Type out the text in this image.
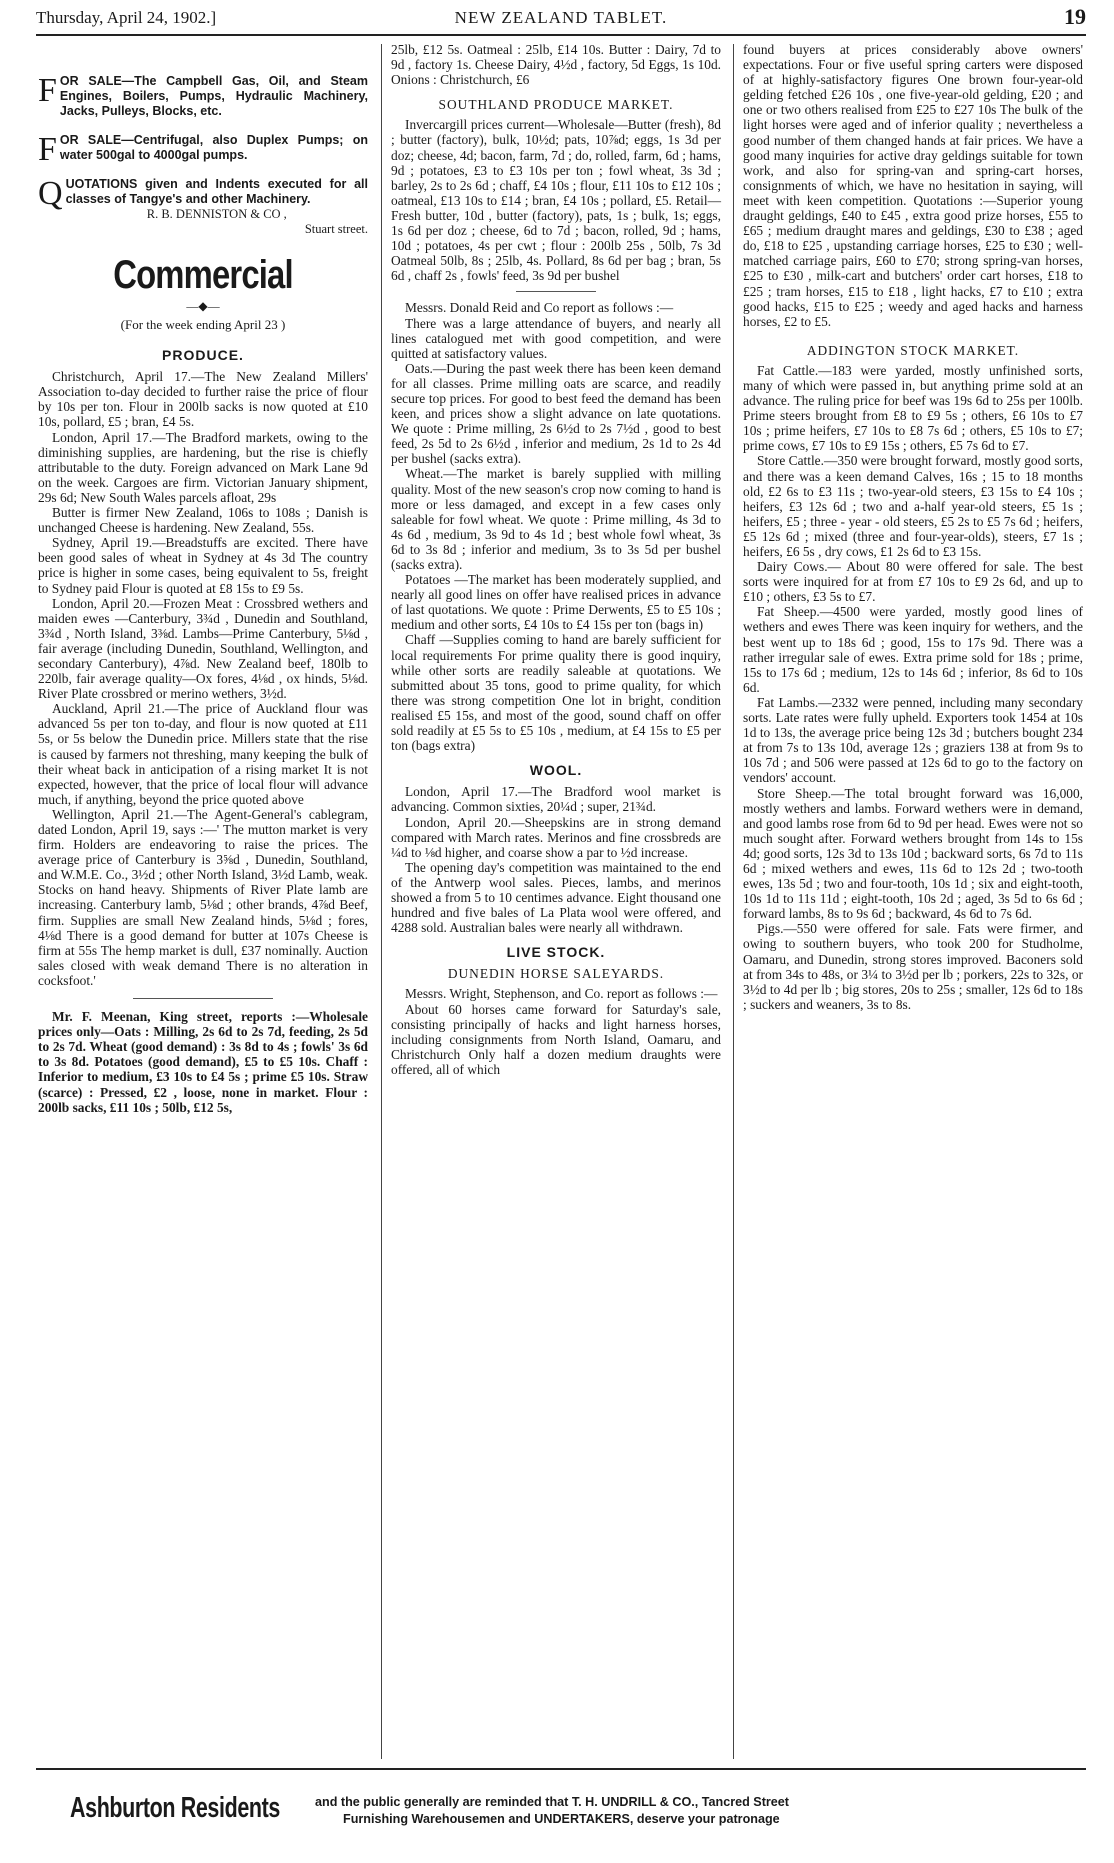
Thursday, April 24, 1902.]	NEW ZEALAND TABLET.	19
F OR SALE—The Campbell Gas, Oil, and Steam Engines, Boilers, Pumps, Hydraulic Machinery, Jacks, Pulleys, Blocks, etc.
F OR SALE—Centrifugal, also Duplex Pumps; on water 500gal to 4000gal pumps.
Q UOTATIONS given and Indents executed for all classes of Tangye's and other Machinery.
R. B. DENNISTON & CO ,
Stuart street.
Commercial
—◆—
(For the week ending April 23 )
PRODUCE.

Christchurch, April 17.—The New Zealand Millers' Association to-day decided to further raise the price of flour by 10s per ton. Flour in 200lb sacks is now quoted at £10 10s, pollard, £5 ; bran, £4 5s.

London, April 17.—The Bradford markets, owing to the diminishing supplies, are hardening, but the rise is chiefly attributable to the duty. Foreign advanced on Mark Lane 9d on the week. Cargoes are firm. Victorian January shipment, 29s 6d; New South Wales parcels afloat, 29s

Butter is firmer New Zealand, 106s to 108s ; Danish is unchanged Cheese is hardening. New Zealand, 55s.

Sydney, April 19.—Breadstuffs are excited. There have been good sales of wheat in Sydney at 4s 3d The country price is higher in some cases, being equivalent to 5s, freight to Sydney paid Flour is quoted at £8 15s to £9 5s.

London, April 20.—Frozen Meat : Crossbred wethers and maiden ewes —Canterbury, 3¾d , Dunedin and Southland, 3¾d , North Island, 3⅜d. Lambs—Prime Canterbury, 5⅛d , fair average (including Dunedin, Southland, Wellington, and secondary Canterbury), 4⅞d. New Zealand beef, 180lb to 220lb, fair average quality—Ox fores, 4⅛d , ox hinds, 5⅛d. River Plate crossbred or merino wethers, 3½d.

Auckland, April 21.—The price of Auckland flour was advanced 5s per ton to-day, and flour is now quoted at £11 5s, or 5s below the Dunedin price. Millers state that the rise is caused by farmers not threshing, many keeping the bulk of their wheat back in anticipation of a rising market It is not expected, however, that the price of local flour will advance much, if anything, beyond the price quoted above

Wellington, April 21.—The Agent-General's cablegram, dated London, April 19, says :—' The mutton market is very firm. Holders are endeavoring to raise the prices. The average price of Canterbury is 3⅝d , Dunedin, Southland, and W.M.E. Co., 3½d ; other North Island, 3½d Lamb, weak. Stocks on hand heavy. Shipments of River Plate lamb are increasing. Canterbury lamb, 5⅛d ; other brands, 4⅞d Beef, firm. Supplies are small New Zealand hinds, 5⅛d ; fores, 4⅛d There is a good demand for butter at 107s Cheese is firm at 55s The hemp market is dull, £37 nominally. Auction sales closed with weak demand There is no alteration in cocksfoot.'

Mr. F. Meenan, King street, reports :—Wholesale prices only—Oats : Milling, 2s 6d to 2s 7d, feeding, 2s 5d to 2s 7d. Wheat (good demand) : 3s 8d to 4s ; fowls' 3s 6d to 3s 8d. Potatoes (good demand), £5 to £5 10s. Chaff : Inferior to medium, £3 10s to £4 5s ; prime £5 10s. Straw (scarce) : Pressed, £2 , loose, none in market. Flour : 200lb sacks, £11 10s ; 50lb, £12 5s,

25lb, £12 5s. Oatmeal : 25lb, £14 10s. Butter : Dairy, 7d to 9d , factory 1s. Cheese Dairy, 4½d , factory, 5d Eggs, 1s 10d. Onions : Christchurch, £6

SOUTHLAND PRODUCE MARKET.

Invercargill prices current—Wholesale—Butter (fresh), 8d ; butter (factory), bulk, 10½d; pats, 10⅞d; eggs, 1s 3d per doz; cheese, 4d; bacon, farm, 7d ; do, rolled, farm, 6d ; hams, 9d ; potatoes, £3 to £3 10s per ton ; fowl wheat, 3s 3d ; barley, 2s to 2s 6d ; chaff, £4 10s ; flour, £11 10s to £12 10s ; oatmeal, £13 10s to £14 ; bran, £4 10s ; pollard, £5. Retail—Fresh butter, 10d , butter (factory), pats, 1s ; bulk, 1s; eggs, 1s 6d per doz ; cheese, 6d to 7d ; bacon, rolled, 9d ; hams, 10d ; potatoes, 4s per cwt ; flour : 200lb 25s , 50lb, 7s 3d Oatmeal 50lb, 8s ; 25lb, 4s. Pollard, 8s 6d per bag ; bran, 5s 6d , chaff 2s , fowls' feed, 3s 9d per bushel

Messrs. Donald Reid and Co report as follows :—

There was a large attendance of buyers, and nearly all lines catalogued met with good competition, and were quitted at satisfactory values.

Oats.—During the past week there has been keen demand for all classes. Prime milling oats are scarce, and readily secure top prices. For good to best feed the demand has been keen, and prices show a slight advance on late quotations. We quote : Prime milling, 2s 6½d to 2s 7½d , good to best feed, 2s 5d to 2s 6½d , inferior and medium, 2s 1d to 2s 4d per bushel (sacks extra).

Wheat.—The market is barely supplied with milling quality. Most of the new season's crop now coming to hand is more or less damaged, and except in a few cases only saleable for fowl wheat. We quote : Prime milling, 4s 3d to 4s 6d , medium, 3s 9d to 4s 1d ; best whole fowl wheat, 3s 6d to 3s 8d ; inferior and medium, 3s to 3s 5d per bushel (sacks extra).

Potatoes —The market has been moderately supplied, and nearly all good lines on offer have realised prices in advance of last quotations. We quote : Prime Derwents, £5 to £5 10s ; medium and other sorts, £4 10s to £4 15s per ton (bags in)

Chaff —Supplies coming to hand are barely sufficient for local requirements For prime quality there is good inquiry, while other sorts are readily saleable at quotations. We submitted about 35 tons, good to prime quality, for which there was strong competition One lot in bright, condition realised £5 15s, and most of the good, sound chaff on offer sold readily at £5 5s to £5 10s , medium, at £4 15s to £5 per ton (bags extra)

WOOL.

London, April 17.—The Bradford wool market is advancing. Common sixties, 20¼d ; super, 21¾d.

London, April 20.—Sheepskins are in strong demand compared with March rates. Merinos and fine crossbreds are ¼d to ⅛d higher, and coarse show a par to ½d increase.

The opening day's competition was maintained to the end of the Antwerp wool sales. Pieces, lambs, and merinos showed a from 5 to 10 centimes advance. Eight thousand one hundred and five bales of La Plata wool were offered, and 4288 sold. Australian bales were nearly all withdrawn.

LIVE STOCK.
DUNEDIN HORSE SALEYARDS.

Messrs. Wright, Stephenson, and Co. report as follows :—

About 60 horses came forward for Saturday's sale, consisting principally of hacks and light harness horses, including consignments from North Island, Oamaru, and Christchurch Only half a dozen medium draughts were offered, all of which

found buyers at prices considerably above owners' expectations. Four or five useful spring carters were disposed of at highly-satisfactory figures One brown four-year-old gelding fetched £26 10s , one five-year-old gelding, £20 ; and one or two others realised from £25 to £27 10s The bulk of the light horses were aged and of inferior quality ; nevertheless a good number of them changed hands at fair prices. We have a good many inquiries for active dray geldings suitable for town work, and also for spring-van and spring-cart horses, consignments of which, we have no hesitation in saying, will meet with keen competition. Quotations :—Superior young draught geldings, £40 to £45 , extra good prize horses, £55 to £65 ; medium draught mares and geldings, £30 to £38 ; aged do, £18 to £25 , upstanding carriage horses, £25 to £30 ; well-matched carriage pairs, £60 to £70; strong spring-van horses, £25 to £30 , milk-cart and butchers' order cart horses, £18 to £25 ; tram horses, £15 to £18 , light hacks, £7 to £10 ; extra good hacks, £15 to £25 ; weedy and aged hacks and harness horses, £2 to £5.

ADDINGTON STOCK MARKET.

Fat Cattle.—183 were yarded, mostly unfinished sorts, many of which were passed in, but anything prime sold at an advance. The ruling price for beef was 19s 6d to 25s per 100lb. Prime steers brought from £8 to £9 5s ; others, £6 10s to £7 10s ; prime heifers, £7 10s to £8 7s 6d ; others, £5 10s to £7; prime cows, £7 10s to £9 15s ; others, £5 7s 6d to £7.

Store Cattle.—350 were brought forward, mostly good sorts, and there was a keen demand Calves, 16s ; 15 to 18 months old, £2 6s to £3 11s ; two-year-old steers, £3 15s to £4 10s ; heifers, £3 12s 6d ; two and a-half year-old steers, £5 1s ; heifers, £5 ; three - year - old steers, £5 2s to £5 7s 6d ; heifers, £5 12s 6d ; mixed (three and four-year-olds), steers, £7 1s ; heifers, £6 5s , dry cows, £1 2s 6d to £3 15s.

Dairy Cows.— About 80 were offered for sale. The best sorts were inquired for at from £7 10s to £9 2s 6d, and up to £10 ; others, £3 5s to £7.

Fat Sheep.—4500 were yarded, mostly good lines of wethers and ewes There was keen inquiry for wethers, and the best went up to 18s 6d ; good, 15s to 17s 9d. There was a rather irregular sale of ewes. Extra prime sold for 18s ; prime, 15s to 17s 6d ; medium, 12s to 14s 6d ; inferior, 8s 6d to 10s 6d.

Fat Lambs.—2332 were penned, including many secondary sorts. Late rates were fully upheld. Exporters took 1454 at 10s 1d to 13s, the average price being 12s 3d ; butchers bought 234 at from 7s to 13s 10d, average 12s ; graziers 138 at from 9s to 10s 7d ; and 506 were passed at 12s 6d to go to the factory on vendors' account.

Store Sheep.—The total brought forward was 16,000, mostly wethers and lambs. Forward wethers were in demand, and good lambs rose from 6d to 9d per head. Ewes were not so much sought after. Forward wethers brought from 14s to 15s 4d; good sorts, 12s 3d to 13s 10d ; backward sorts, 6s 7d to 11s 6d ; mixed wethers and ewes, 11s 6d to 12s 2d ; two-tooth ewes, 13s 5d ; two and four-tooth, 10s 1d ; six and eight-tooth, 10s 1d to 11s 11d ; eight-tooth, 10s 2d ; aged, 3s 5d to 6s 6d ; forward lambs, 8s to 9s 6d ; backward, 4s 6d to 7s 6d.

Pigs.—550 were offered for sale. Fats were firmer, and owing to southern buyers, who took 200 for Studholme, Oamaru, and Dunedin, strong stores improved. Baconers sold at from 34s to 48s, or 3¼ to 3½d per lb ; porkers, 22s to 32s, or 3½d to 4d per lb ; big stores, 20s to 25s ; smaller, 12s 6d to 18s ; suckers and weaners, 3s to 8s.

Ashburton Residents	and the public generally are reminded that T. H. UNDRILL & CO., Tancred Street
Furnishing Warehousemen and UNDERTAKERS, deserve your patronage
